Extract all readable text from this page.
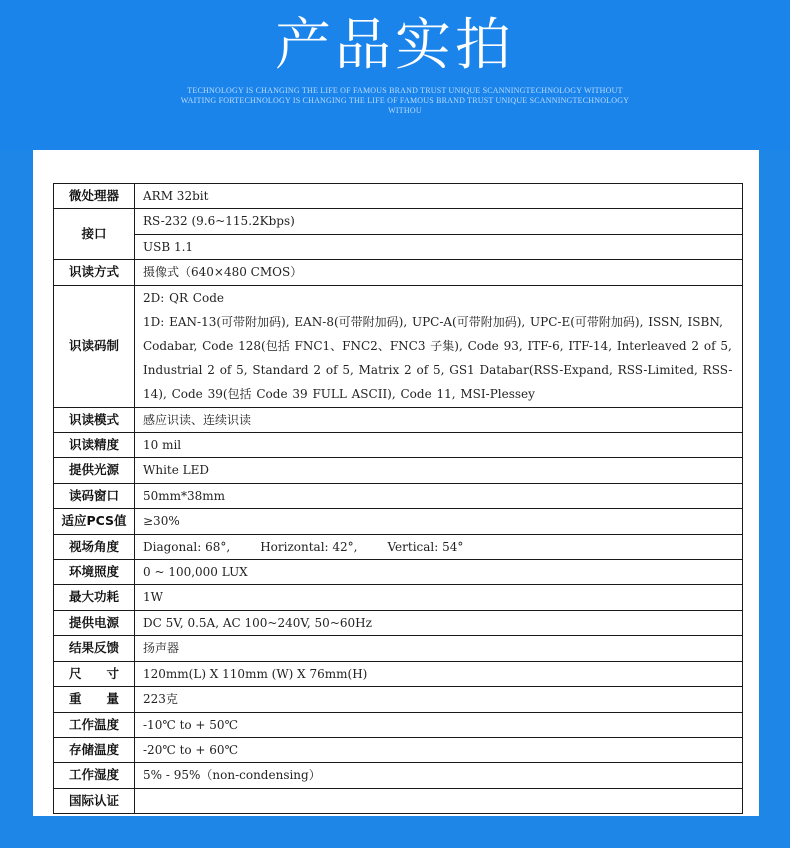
产品实拍
TECHNOLOGY IS CHANGING THE LIFE OF FAMOUS BRAND TRUST UNIQUE SCANNINGTECHNOLOGY WITHOUT WAITING FORTECHNOLOGY IS CHANGING THE LIFE OF FAMOUS BRAND TRUST UNIQUE SCANNINGTECHNOLOGY WITHOU
微处理器	ARM 32bit
接口	RS-232 (9.6~115.2Kbps)
	USB 1.1
识读方式	摄像式（640×480 CMOS）
识读码制	2D: QR Code
1D: EAN-13(可带附加码), EAN-8(可带附加码), UPC-A(可带附加码), UPC-E(可带附加码), ISSN, ISBN, Codabar, Code 128(包括 FNC1、FNC2、FNC3 子集), Code 93, ITF-6, ITF-14, Interleaved 2 of 5, Industrial 2 of 5, Standard 2 of 5, Matrix 2 of 5, GS1 Databar(RSS-Expand, RSS-Limited, RSS-14), Code 39(包括 Code 39 FULL ASCII), Code 11, MSI-Plessey
识读模式	感应识读、连续识读
识读精度	10 mil
提供光源	White LED
读码窗口	50mm*38mm
适应PCS值	≥30%
视场角度	Diagonal: 68°, Horizontal: 42°, Vertical: 54°
环境照度	0 ~ 100,000 LUX
最大功耗	1W
提供电源	DC 5V, 0.5A, AC 100~240V, 50~60Hz
结果反馈	扬声器
尺　　寸	120mm(L) X 110mm (W) X 76mm(H)
重　　量	223克
工作温度	-10℃ to + 50℃
存储温度	-20℃ to + 60℃
工作湿度	5% - 95%（non-condensing）
国际认证	
